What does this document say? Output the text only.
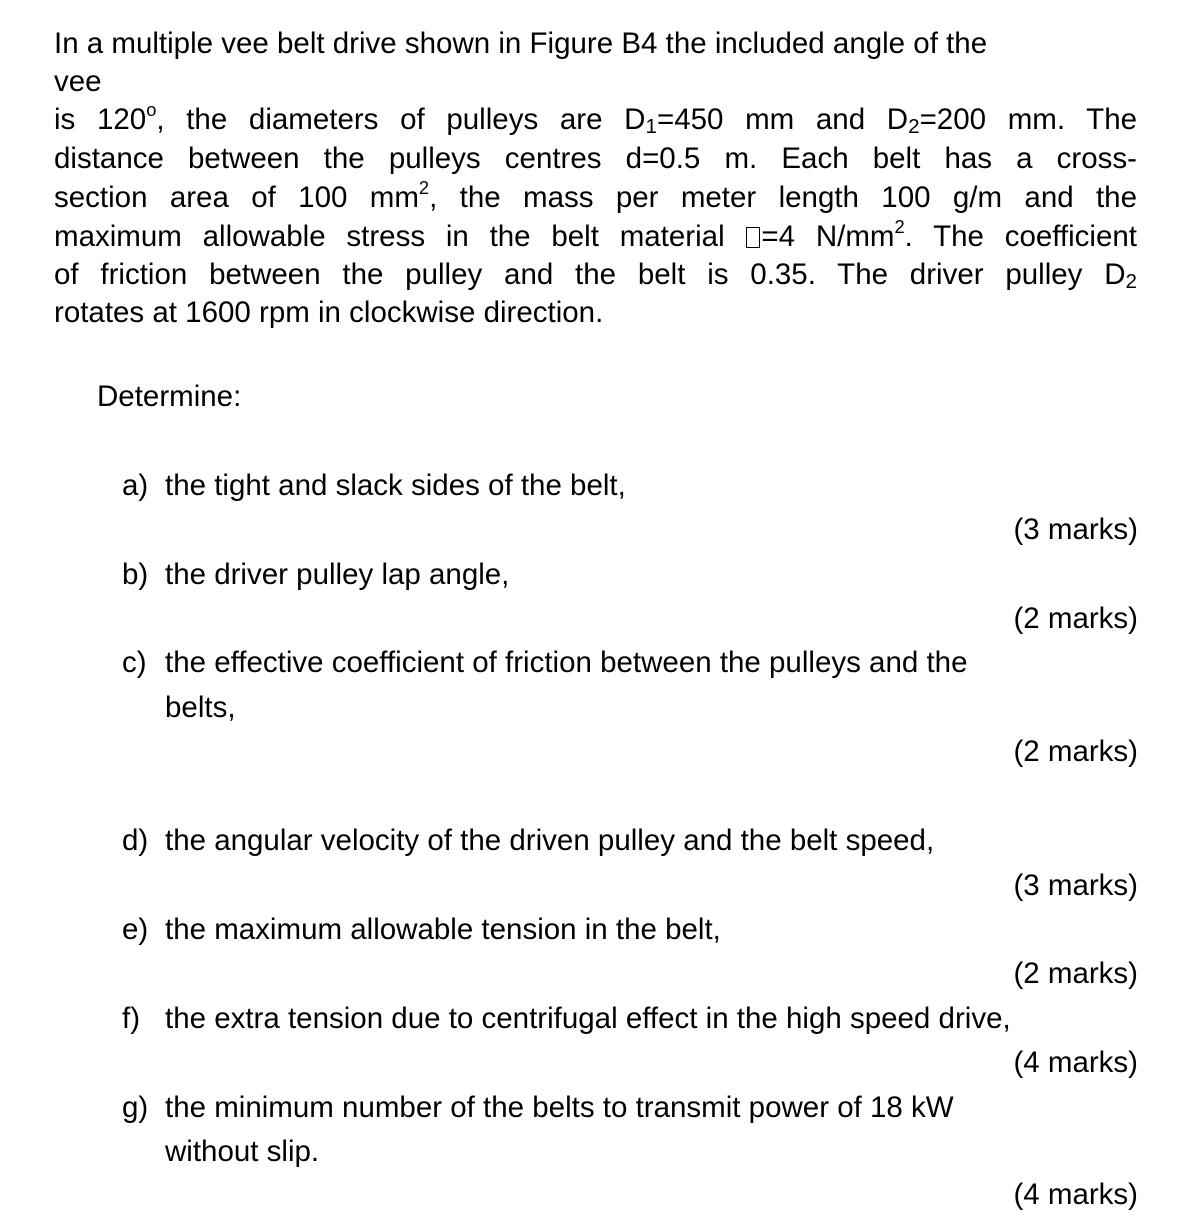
In a multiple vee belt drive shown in Figure B4 the included angle of the
vee
is 120$^o$, the diameters of pulleys are $D_1=450$ mm and $D_2=200$ mm. The
distance between the pulleys centres d=0.5 m. Each belt has a cross-
section area of 100 $mm^2$, the mass per meter length 100 g/m and the
maximum allowable stress in the belt material =4 $N/mm^2$. The coefficient
of friction between the pulley and the belt is 0.35. The driver pulley $D_2$
rotates at 1600 rpm in clockwise direction.
Determine:
a) the tight and slack sides of the belt,
(3 marks)
b) the driver pulley lap angle,
(2 marks)
c) the effective coefficient of friction between the pulleys and the
belts,
(2 marks)
d) the angular velocity of the driven pulley and the belt speed,
(3 marks)
e) the maximum allowable tension in the belt,
(2 marks)
f) the extra tension due to centrifugal effect in the high speed drive,
(4 marks)
g) the minimum number of the belts to transmit power of 18 kW
without slip.
(4 marks)
